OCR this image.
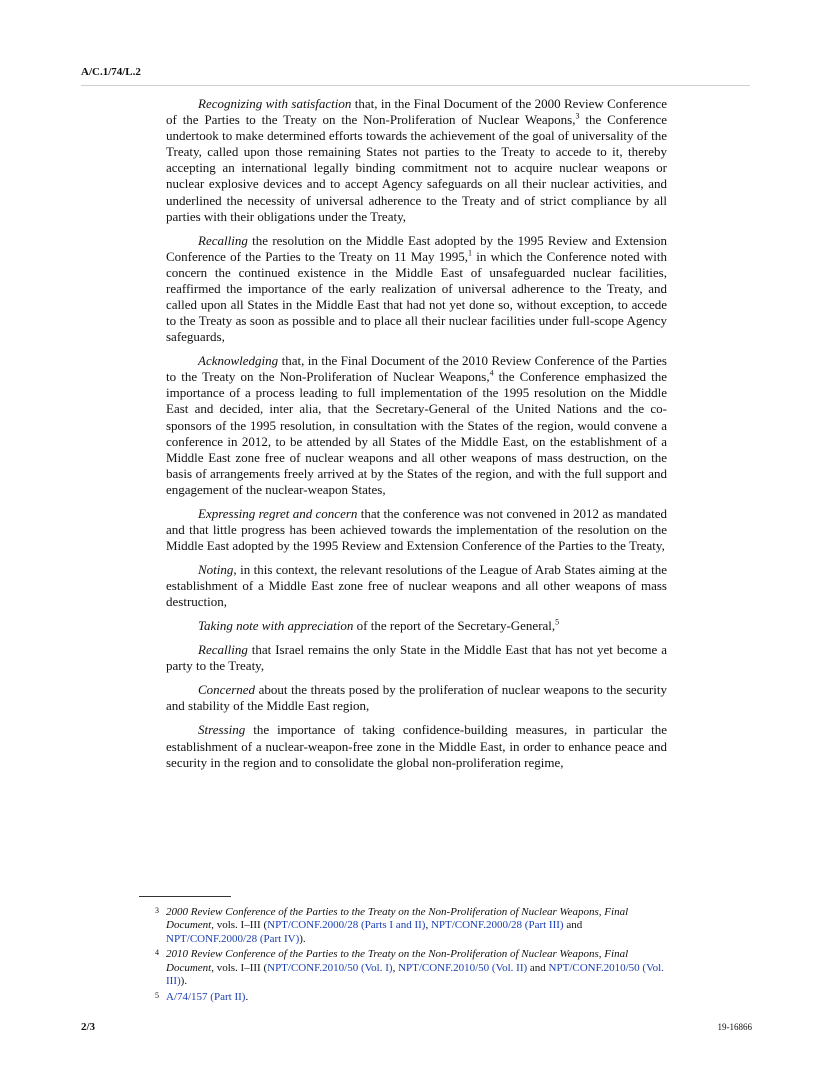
A/C.1/74/L.2

Recognizing with satisfaction that, in the Final Document of the 2000 Review Conference of the Parties to the Treaty on the Non-Proliferation of Nuclear Weapons,$^3$ the Conference undertook to make determined efforts towards the achievement of the goal of universality of the Treaty, called upon those remaining States not parties to the Treaty to accede to it, thereby accepting an international legally binding commitment not to acquire nuclear weapons or nuclear explosive devices and to accept Agency safeguards on all their nuclear activities, and underlined the necessity of universal adherence to the Treaty and of strict compliance by all parties with their obligations under the Treaty,

Recalling the resolution on the Middle East adopted by the 1995 Review and Extension Conference of the Parties to the Treaty on 11 May 1995,$^1$ in which the Conference noted with concern the continued existence in the Middle East of unsafeguarded nuclear facilities, reaffirmed the importance of the early realization of universal adherence to the Treaty, and called upon all States in the Middle East that had not yet done so, without exception, to accede to the Treaty as soon as possible and to place all their nuclear facilities under full-scope Agency safeguards,

Acknowledging that, in the Final Document of the 2010 Review Conference of the Parties to the Treaty on the Non-Proliferation of Nuclear Weapons,$^4$ the Conference emphasized the importance of a process leading to full implementation of the 1995 resolution on the Middle East and decided, inter alia, that the Secretary-General of the United Nations and the co-sponsors of the 1995 resolution, in consultation with the States of the region, would convene a conference in 2012, to be attended by all States of the Middle East, on the establishment of a Middle East zone free of nuclear weapons and all other weapons of mass destruction, on the basis of arrangements freely arrived at by the States of the region, and with the full support and engagement of the nuclear-weapon States,

Expressing regret and concern that the conference was not convened in 2012 as mandated and that little progress has been achieved towards the implementation of the resolution on the Middle East adopted by the 1995 Review and Extension Conference of the Parties to the Treaty,

Noting, in this context, the relevant resolutions of the League of Arab States aiming at the establishment of a Middle East zone free of nuclear weapons and all other weapons of mass destruction,

Taking note with appreciation of the report of the Secretary-General,$^5$

Recalling that Israel remains the only State in the Middle East that has not yet become a party to the Treaty,

Concerned about the threats posed by the proliferation of nuclear weapons to the security and stability of the Middle East region,

Stressing the importance of taking confidence-building measures, in particular the establishment of a nuclear-weapon-free zone in the Middle East, in order to enhance peace and security in the region and to consolidate the global non-proliferation regime,

3 2000 Review Conference of the Parties to the Treaty on the Non-Proliferation of Nuclear Weapons, Final Document, vols. I–III (NPT/CONF.2000/28 (Parts I and II), NPT/CONF.2000/28 (Part III) and NPT/CONF.2000/28 (Part IV)).
4 2010 Review Conference of the Parties to the Treaty on the Non-Proliferation of Nuclear Weapons, Final Document, vols. I–III (NPT/CONF.2010/50 (Vol. I), NPT/CONF.2010/50 (Vol. II) and NPT/CONF.2010/50 (Vol. III)).
5 A/74/157 (Part II).
2/3	19-16866
